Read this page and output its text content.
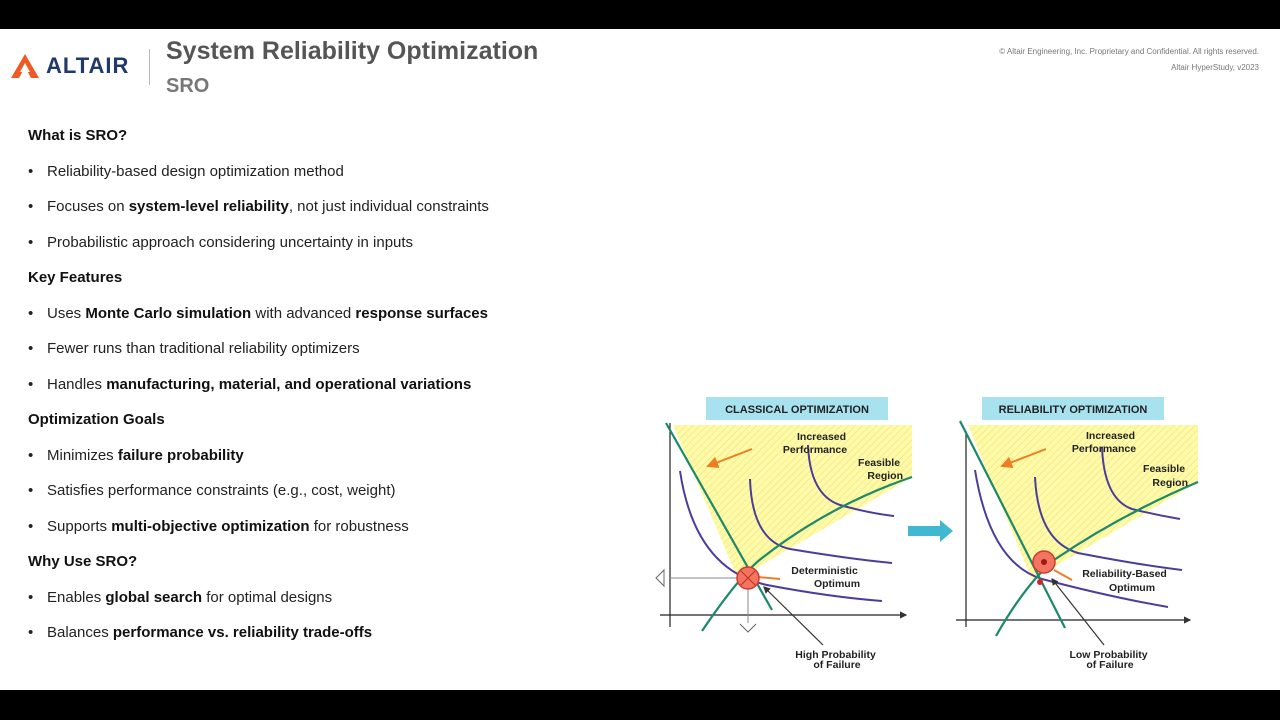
ALTAIR
System Reliability Optimization
SRO
© Altair Engineering, Inc. Proprietary and Confidential. All rights reserved.
Altair HyperStudy, v2023
What is SRO?
• Reliability-based design optimization method
• Focuses on system-level reliability, not just individual constraints
• Probabilistic approach considering uncertainty in inputs
Key Features
• Uses Monte Carlo simulation with advanced response surfaces
• Fewer runs than traditional reliability optimizers
• Handles manufacturing, material, and operational variations
Optimization Goals
• Minimizes failure probability
• Satisfies performance constraints (e.g., cost, weight)
• Supports multi-objective optimization for robustness
Why Use SRO?
• Enables global search for optimal designs
• Balances performance vs. reliability trade-offs
CLASSICAL OPTIMIZATION
Increased Performance
Feasible Region
Deterministic Optimum
High Probability of Failure
RELIABILITY OPTIMIZATION
Increased Performance
Feasible Region
Reliability-Based Optimum
Low Probability of Failure
